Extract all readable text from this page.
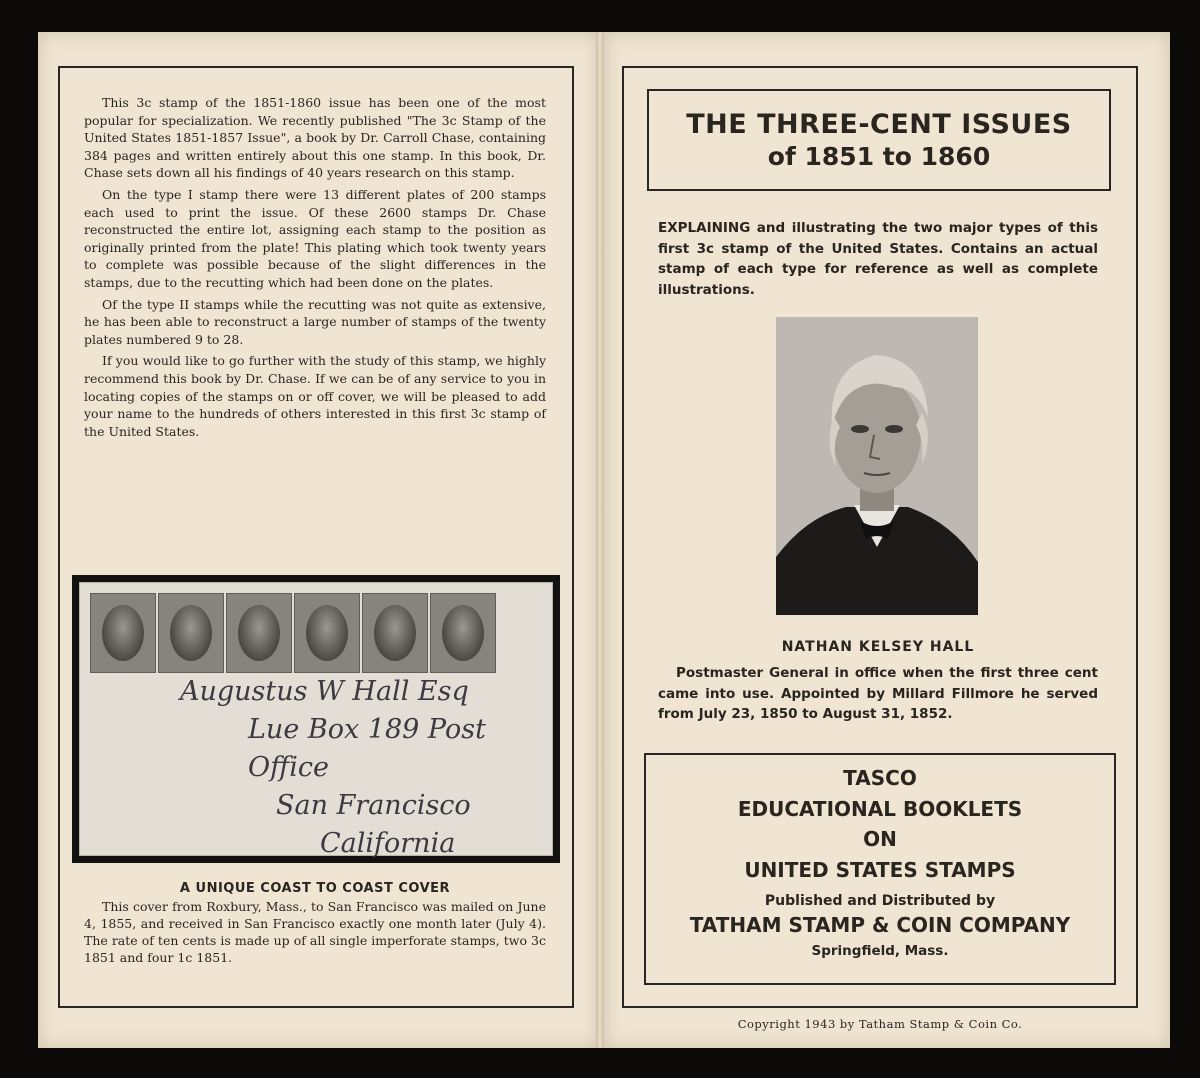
This 3c stamp of the 1851-1860 issue has been one of the most popular for specialization. We recently published "The 3c Stamp of the United States 1851-1857 Issue", a book by Dr. Carroll Chase, containing 384 pages and written entirely about this one stamp. In this book, Dr. Chase sets down all his findings of 40 years research on this stamp.

On the type I stamp there were 13 different plates of 200 stamps each used to print the issue. Of these 2600 stamps Dr. Chase reconstructed the entire lot, assigning each stamp to the position as originally printed from the plate! This plating which took twenty years to complete was possible because of the slight differences in the stamps, due to the recutting which had been done on the plates.

Of the type II stamps while the recutting was not quite as extensive, he has been able to reconstruct a large number of stamps of the twenty plates numbered 9 to 28.

If you would like to go further with the study of this stamp, we highly recommend this book by Dr. Chase. If we can be of any service to you in locating copies of the stamps on or off cover, we will be pleased to add your name to the hundreds of others interested in this first 3c stamp of the United States.

Augustus W Hall Esq
Lue Box 189 Post Office
San Francisco
California
A UNIQUE COAST TO COAST COVER
This cover from Roxbury, Mass., to San Francisco was mailed on June 4, 1855, and received in San Francisco exactly one month later (July 4). The rate of ten cents is made up of all single imperforate stamps, two 3c 1851 and four 1c 1851.
THE THREE-CENT ISSUES
of 1851 to 1860
EXPLAINING and illustrating the two major types of this first 3c stamp of the United States. Contains an actual stamp of each type for reference as well as complete illustrations.
NATHAN KELSEY HALL
Postmaster General in office when the first three cent came into use. Appointed by Millard Fillmore he served from July 23, 1850 to August 31, 1852.
TASCO
EDUCATIONAL BOOKLETS
ON
UNITED STATES STAMPS
Published and Distributed by
TATHAM STAMP & COIN COMPANY
Springfield, Mass.
Copyright 1943 by Tatham Stamp & Coin Co.
